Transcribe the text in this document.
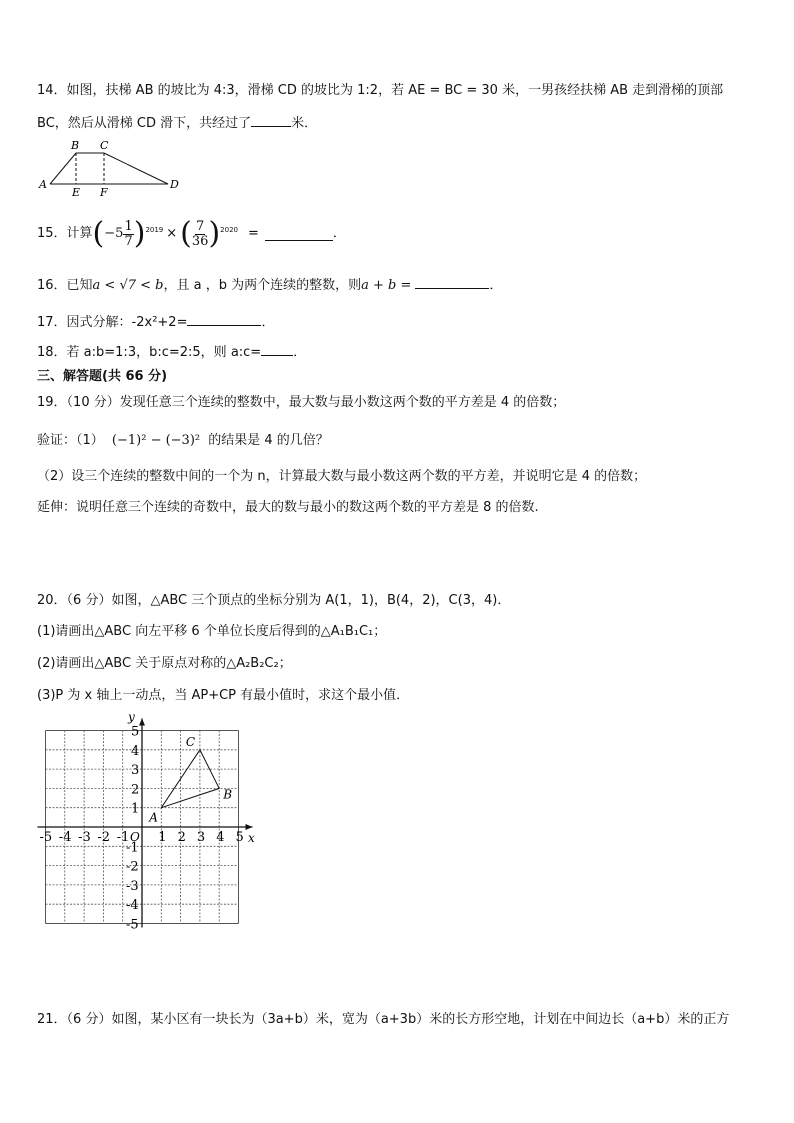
14．如图，扶梯 AB 的坡比为 4:3，滑梯 CD 的坡比为 1:2，若 AE = BC = 30 米，一男孩经扶梯 AB 走到滑梯的顶部
BC，然后从滑梯 CD 滑下，共经过了	米．
A
B C
D
E F
15．计算 ( $-5 \frac{1}{7}$ ) 2019 × ( $\frac{7}{36}$ ) 2020 =	．
16．已知a < √7 < b，且 a ，b 为两个连续的整数，则a + b =	．
17．因式分解：-2x²+2=	．
18．若 a:b=1:3，b:c=2:5，则 a:c= ．
三、解答题(共 66 分)
19．（10 分）发现任意三个连续的整数中，最大数与最小数这两个数的平方差是 4 的倍数；
验证：（1） (−1)² − (−3)² 的结果是 4 的几倍？
（2）设三个连续的整数中间的一个为 n，计算最大数与最小数这两个数的平方差，并说明它是 4 的倍数；
延伸：说明任意三个连续的奇数中，最大的数与最小的数这两个数的平方差是 8 的倍数.
20．（6 分）如图，△ABC 三个顶点的坐标分别为 A(1，1)，B(4，2)，C(3，4)．
(1)请画出△ABC 向左平移 6 个单位长度后得到的△A₁B₁C₁；
(2)请画出△ABC 关于原点对称的△A₂B₂C₂；
(3)P 为 x 轴上一动点，当 AP+CP 有最小值时，求这个最小值．
-5 -4 -3 -2 -1 1 2 3 4 5
5
4
3
2
1
-1
-2
-3
-4
-5
A
B
C
x
y
O
21．（6 分）如图，某小区有一块长为（3a+b）米，宽为（a+3b）米的长方形空地，计划在中间边长（a+b）米的正方
